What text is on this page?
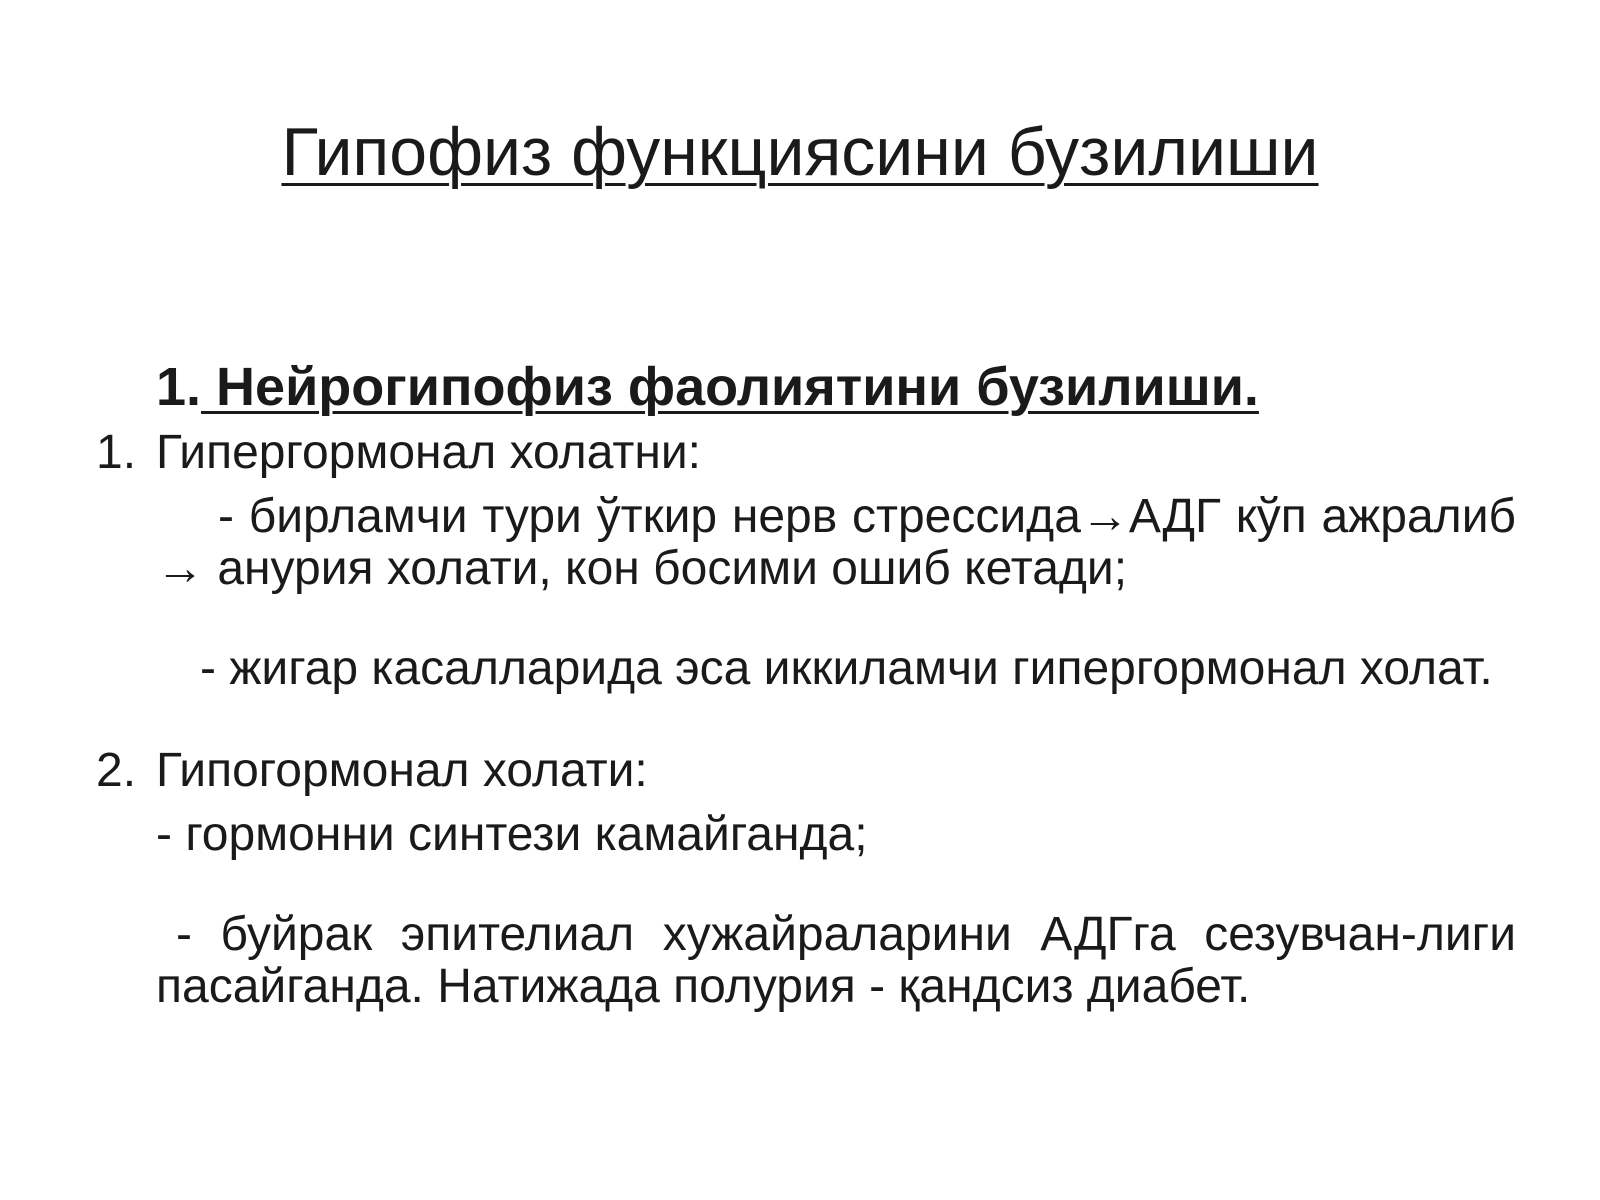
Гипофиз функциясини бузилиши

1. Нейрогипофиз фаолиятини бузилиши.

1. Гипергормонал холатни:

- бирламчи тури ўткир нерв стрессида→АДГ кўп ажралиб → анурия холати, кон босими ошиб кетади;

- жигар касалларида эса иккиламчи гипергормонал холат.

2. Гипогормонал холати:

- гормонни синтези камайганда;

- буйрак эпителиал хужайраларини АДГга сезувчан-лиги пасайганда. Натижада полурия - қандсиз диабет.
